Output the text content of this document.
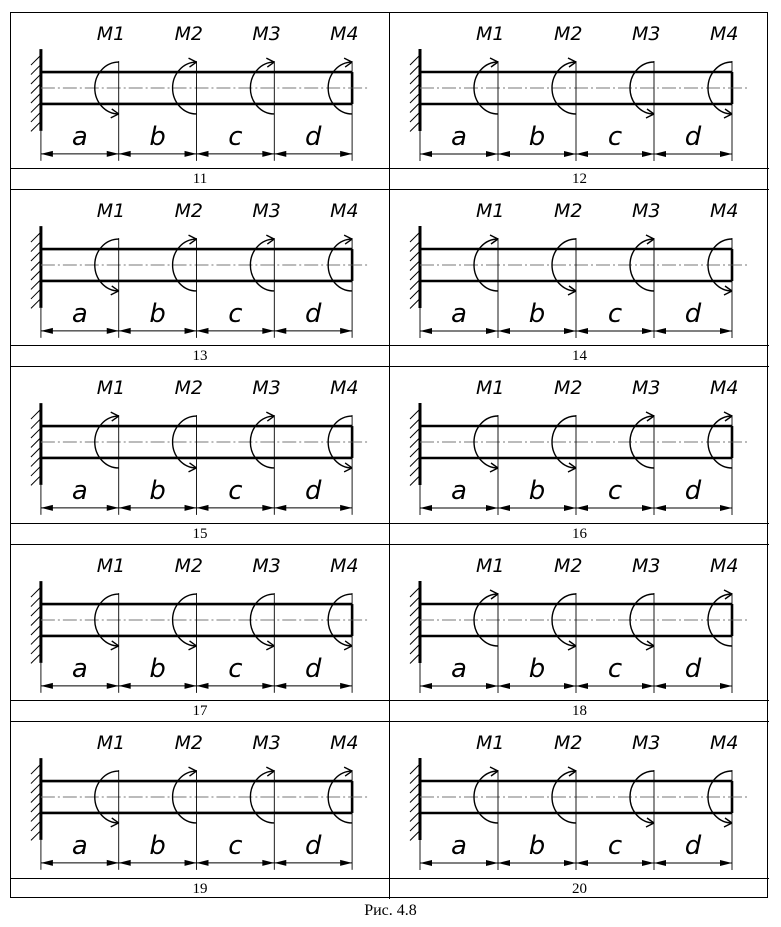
M1	M2	M3	M4
a b c d
11
M1	M2	M3	M4
a b c d
12
M1	M2	M3	M4
a b c d
13
M1	M2	M3	M4
a b c d
14
M1	M2	M3	M4
a b c d
15
M1	M2	M3	M4
a b c d
16
M1	M2	M3	M4
a b c d
17
M1	M2	M3	M4
a b c d
18
M1	M2	M3	M4
a b c d
19
M1	M2	M3	M4
a b c d
20
Рис. 4.8
